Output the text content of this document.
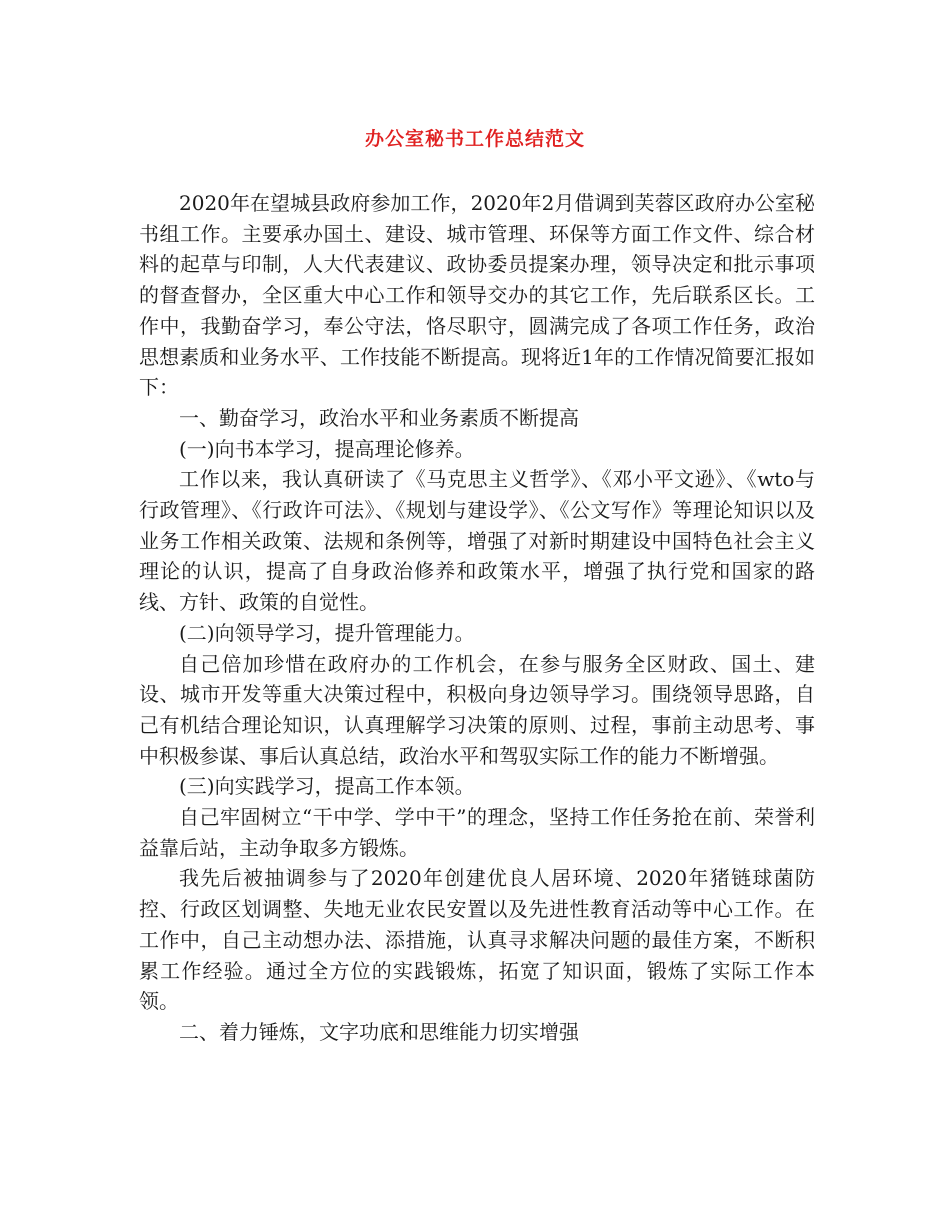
办公室秘书工作总结范文

2020年在望城县政府参加工作，2020年2月借调到芙蓉区政府办公室秘书组工作。主要承办国土、建设、城市管理、环保等方面工作文件、综合材料的起草与印制，人大代表建议、政协委员提案办理，领导决定和批示事项的督查督办，全区重大中心工作和领导交办的其它工作，先后联系区长。工作中，我勤奋学习，奉公守法，恪尽职守，圆满完成了各项工作任务，政治思想素质和业务水平、工作技能不断提高。现将近1年的工作情况简要汇报如下：

一、勤奋学习，政治水平和业务素质不断提高

(一)向书本学习，提高理论修养。

工作以来，我认真研读了《马克思主义哲学》、《邓小平文逊》、《wto与行政管理》、《行政许可法》、《规划与建设学》、《公文写作》等理论知识以及业务工作相关政策、法规和条例等，增强了对新时期建设中国特色社会主义理论的认识，提高了自身政治修养和政策水平，增强了执行党和国家的路线、方针、政策的自觉性。

(二)向领导学习，提升管理能力。

自己倍加珍惜在政府办的工作机会，在参与服务全区财政、国土、建设、城市开发等重大决策过程中，积极向身边领导学习。围绕领导思路，自己有机结合理论知识，认真理解学习决策的原则、过程，事前主动思考、事中积极参谋、事后认真总结，政治水平和驾驭实际工作的能力不断增强。

(三)向实践学习，提高工作本领。

自己牢固树立“干中学、学中干”的理念，坚持工作任务抢在前、荣誉利益靠后站，主动争取多方锻炼。

我先后被抽调参与了2020年创建优良人居环境、2020年猪链球菌防控、行政区划调整、失地无业农民安置以及先进性教育活动等中心工作。在工作中，自己主动想办法、添措施，认真寻求解决问题的最佳方案，不断积累工作经验。通过全方位的实践锻炼，拓宽了知识面，锻炼了实际工作本领。

二、着力锤炼，文字功底和思维能力切实增强
